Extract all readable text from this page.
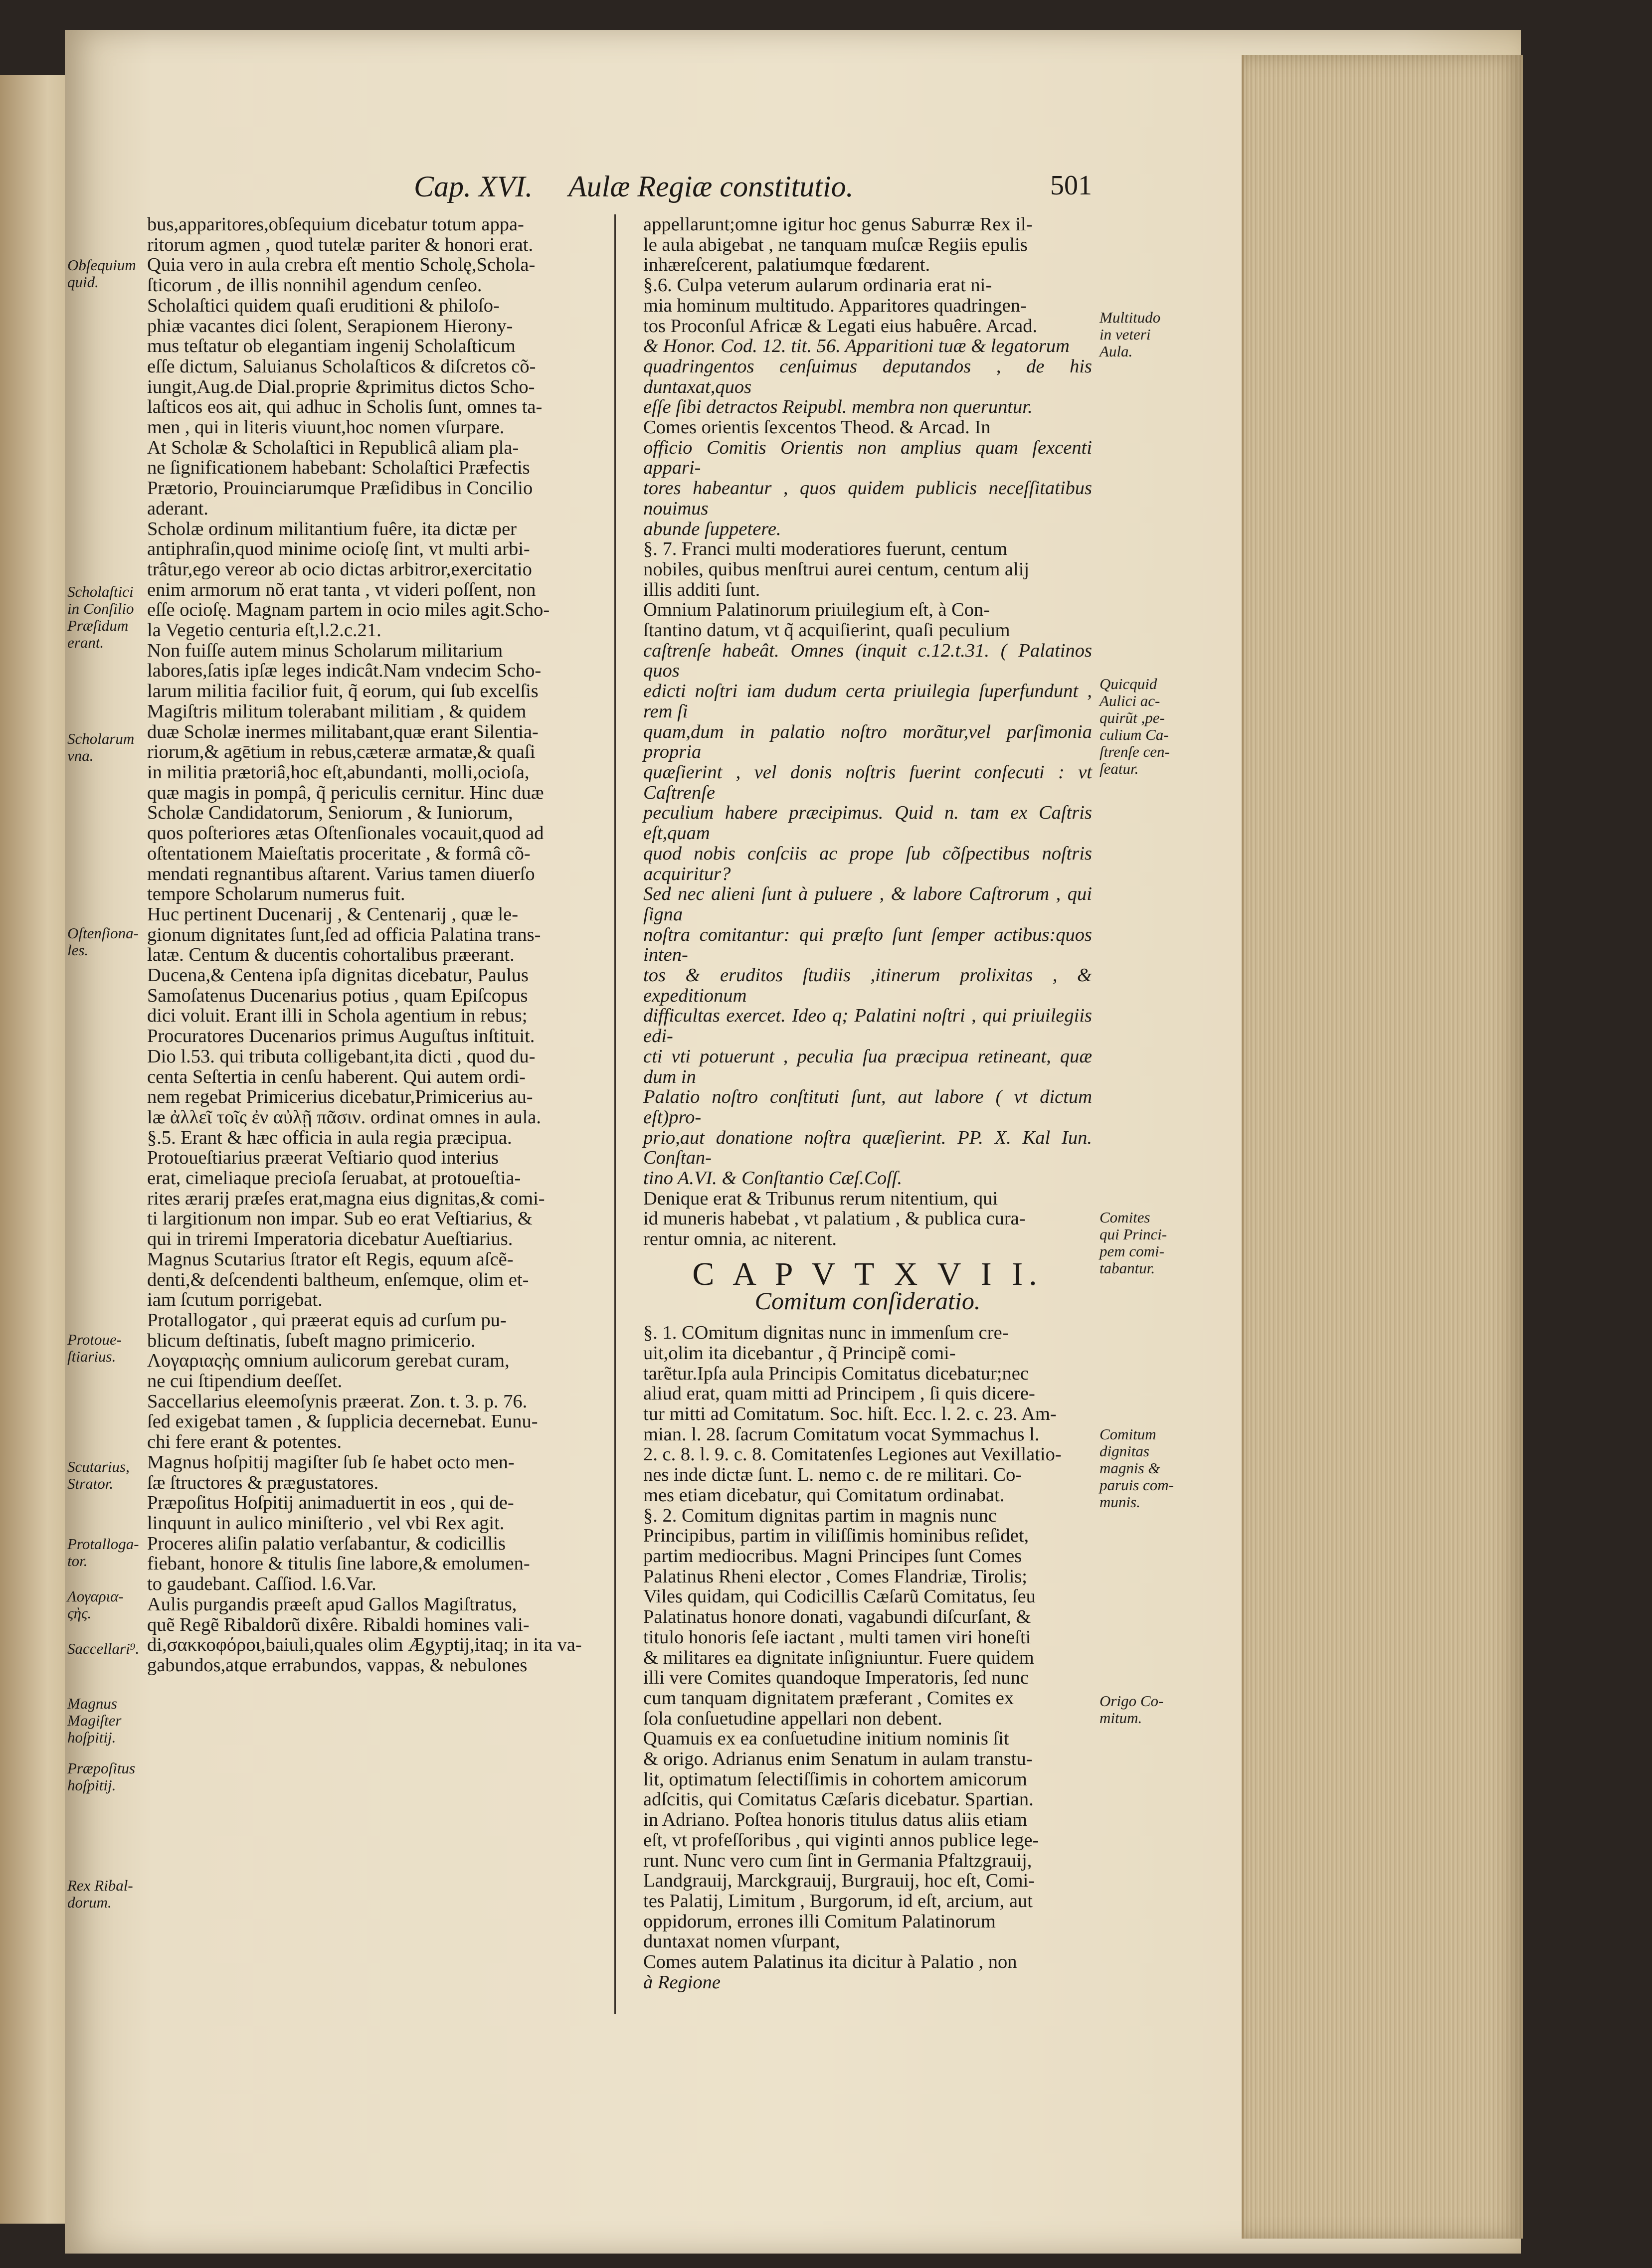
Cap. XVI. Aulæ Regiæ constitutio.	501

bus,apparitores,obſequium dicebatur totum appa-

ritorum agmen , quod tutelæ pariter & honori erat.

Quia vero in aula crebra eſt mentio Scholę,Schola-

ſticorum , de illis nonnihil agendum cenſeo.

Scholaſtici quidem quaſi eruditioni & philoſo-

phiæ vacantes dici ſolent, Serapionem Hierony-

mus teſtatur ob elegantiam ingenij Scholaſticum

eſſe dictum, Saluianus Scholaſticos & diſcretos cõ-

iungit,Aug.de Dial.proprie &primitus dictos Scho-

laſticos eos ait, qui adhuc in Scholis ſunt, omnes ta-

men , qui in literis viuunt,hoc nomen vſurpare.

At Scholæ & Scholaſtici in Republicâ aliam pla-

ne ſignificationem habebant: Scholaſtici Præfectis

Prætorio, Prouinciarumque Præſidibus in Concilio

aderant.

Scholæ ordinum militantium fuêre, ita dictæ per

antiphraſin,quod minime ocioſę ſint, vt multi arbi-

trâtur,ego vereor ab ocio dictas arbitror,exercitatio

enim armorum nõ erat tanta , vt videri poſſent, non

eſſe ocioſę. Magnam partem in ocio miles agit.Scho-

la Vegetio centuria eſt,l.2.c.21.

Non fuiſſe autem minus Scholarum militarium

labores,ſatis ipſæ leges indicât.Nam vndecim Scho-

larum militia facilior fuit, q̃ eorum, qui ſub excelſis

Magiſtris militum tolerabant militiam , & quidem

duæ Scholæ inermes militabant,quæ erant Silentia-

riorum,& agētium in rebus,cæteræ armatæ,& quaſi

in militia prætoriâ,hoc eſt,abundanti, molli,ocioſa,

quæ magis in pompâ, q̃ periculis cernitur. Hinc duæ

Scholæ Candidatorum, Seniorum , & Iuniorum,

quos poſteriores ætas Oſtenſionales vocauit,quod ad

oſtentationem Maieſtatis proceritate , & formâ cõ-

mendati regnantibus aſtarent. Varius tamen diuerſo

tempore Scholarum numerus fuit.

Huc pertinent Ducenarij , & Centenarij , quæ le-

gionum dignitates ſunt,ſed ad officia Palatina trans-

latæ. Centum & ducentis cohortalibus præerant.

Ducena,& Centena ipſa dignitas dicebatur, Paulus

Samoſatenus Ducenarius potius , quam Epiſcopus

dici voluit. Erant illi in Schola agentium in rebus;

Procuratores Ducenarios primus Auguſtus inſtituit.

Dio l.53. qui tributa colligebant,ita dicti , quod du-

centa Seſtertia in cenſu haberent. Qui autem ordi-

nem regebat Primicerius dicebatur,Primicerius au-

læ ἀλλεῖ τοῖς ἐν αὐλῇ πᾶσιν. ordinat omnes in aula.

§.5. Erant & hæc officia in aula regia præcipua.

Protoueſtiarius præerat Veſtiario quod interius

erat, cimeliaque precioſa ſeruabat, at protoueſtia-

rites ærarij præſes erat,magna eius dignitas,& comi-

ti largitionum non impar. Sub eo erat Veſtiarius, &

qui in triremi Imperatoria dicebatur Aueſtiarius.

Magnus Scutarius ſtrator eſt Regis, equum aſcẽ-

denti,& deſcendenti baltheum, enſemque, olim et-

iam ſcutum porrigebat.

Protallogator , qui præerat equis ad curſum pu-

blicum deſtinatis, ſubeſt magno primicerio.

Λογαριαςὴς omnium aulicorum gerebat curam,

ne cui ſtipendium deeſſet.

Saccellarius eleemoſynis præerat. Zon. t. 3. p. 76.

ſed exigebat tamen , & ſupplicia decernebat. Eunu-

chi fere erant & potentes.

Magnus hoſpitij magiſter ſub ſe habet octo men-

ſæ ſtructores & prægustatores.

Præpoſitus Hoſpitij animaduertit in eos , qui de-

linquunt in aulico miniſterio , vel vbi Rex agit.

Proceres aliſin palatio verſabantur, & codicillis

fiebant, honore & titulis ſine labore,& emolumen-

to gaudebant. Caſſiod. l.6.Var.

Aulis purgandis præeſt apud Gallos Magiſtratus,

quẽ Regẽ Ribaldorũ dixêre. Ribaldi homines vali-

di,σακκοφόροι,baiuli,quales olim Ægyptij,itaq; in ita va-

gabundos,atque errabundos, vappas, & nebulones

appellarunt;omne igitur hoc genus Saburræ Rex il-

le aula abigebat , ne tanquam muſcæ Regiis epulis

inhæreſcerent, palatiumque fœdarent.

§.6. Culpa veterum aularum ordinaria erat ni-

mia hominum multitudo. Apparitores quadringen-

tos Proconſul Africæ & Legati eius habuêre. Arcad.

& Honor. Cod. 12. tit. 56. Apparitioni tuæ & legatorum

quadringentos cenſuimus deputandos , de his duntaxat,quos

eſſe ſibi detractos Reipubl. membra non queruntur.

Comes orientis ſexcentos Theod. & Arcad. In

officio Comitis Orientis non amplius quam ſexcenti appari-

tores habeantur , quos quidem publicis neceſſitatibus nouimus

abunde ſuppetere.

§. 7. Franci multi moderatiores fuerunt, centum

nobiles, quibus menſtrui aurei centum, centum alij

illis additi ſunt.

Omnium Palatinorum priuilegium eſt, à Con-

ſtantino datum, vt q̃ acquiſierint, quaſi peculium

caſtrenſe habeât. Omnes (inquit c.12.t.31. ( Palatinos quos

edicti noſtri iam dudum certa priuilegia ſuperfundunt , rem ſi

quam,dum in palatio noſtro morãtur,vel parſimonia propria

quæſierint , vel donis noſtris fuerint conſecuti : vt Caſtrenſe

peculium habere præcipimus. Quid n. tam ex Caſtris eſt,quam

quod nobis conſciis ac prope ſub cõſpectibus noſtris acquiritur?

Sed nec alieni ſunt à puluere , & labore Caſtrorum , qui ſigna

noſtra comitantur: qui præſto ſunt ſemper actibus:quos inten-

tos & eruditos ſtudiis ,itinerum prolixitas , & expeditionum

difficultas exercet. Ideo q; Palatini noſtri , qui priuilegiis edi-

cti vti potuerunt , peculia ſua præcipua retineant, quæ dum in

Palatio noſtro conſtituti ſunt, aut labore ( vt dictum eſt)pro-

prio,aut donatione noſtra quæſierint. PP. X. Kal Iun. Conſtan-

tino A.VI. & Conſtantio Cæſ.Coſſ.

Denique erat & Tribunus rerum nitentium, qui

id muneris habebat , vt palatium , & publica cura-

rentur omnia, ac niterent.

C A P V T X V I I.
Comitum conſideratio.

§. 1. COmitum dignitas nunc in immenſum cre-

uit,olim ita dicebantur , q̃ Principẽ comi-

tarẽtur.Ipſa aula Principis Comitatus dicebatur;nec

aliud erat, quam mitti ad Principem , ſi quis dicere-

tur mitti ad Comitatum. Soc. hiſt. Ecc. l. 2. c. 23. Am-

mian. l. 28. ſacrum Comitatum vocat Symmachus l.

2. c. 8. l. 9. c. 8. Comitatenſes Legiones aut Vexillatio-

nes inde dictæ ſunt. L. nemo c. de re militari. Co-

mes etiam dicebatur, qui Comitatum ordinabat.

§. 2. Comitum dignitas partim in magnis nunc

Principibus, partim in viliſſimis hominibus reſidet,

partim mediocribus. Magni Principes ſunt Comes

Palatinus Rheni elector , Comes Flandriæ, Tirolis;

Viles quidam, qui Codicillis Cæſarũ Comitatus, ſeu

Palatinatus honore donati, vagabundi diſcurſant, &

titulo honoris ſeſe iactant , multi tamen viri honeſti

& militares ea dignitate inſigniuntur. Fuere quidem

illi vere Comites quandoque Imperatoris, ſed nunc

cum tanquam dignitatem præferant , Comites ex

ſola conſuetudine appellari non debent.

Quamuis ex ea conſuetudine initium nominis ſit

& origo. Adrianus enim Senatum in aulam transtu-

lit, optimatum ſelectiſſimis in cohortem amicorum

adſcitis, qui Comitatus Cæſaris dicebatur. Spartian.

in Adriano. Poſtea honoris titulus datus aliis etiam

eſt, vt profeſſoribus , qui viginti annos publice lege-

runt. Nunc vero cum ſint in Germania Pfaltzgrauij,

Landgrauij, Marckgrauij, Burgrauij, hoc eſt, Comi-

tes Palatij, Limitum , Burgorum, id eſt, arcium, aut

oppidorum, errones illi Comitum Palatinorum

duntaxat nomen vſurpant,

Comes autem Palatinus ita dicitur à Palatio , non

à Regione

Obſequium
quid.
Scholaſtici
in Conſilio
Præſidum
erant.
Scholarum
vna.
Oſtenſiona-
les.
Protoue-
ſtiarius.
Scutarius,
Strator.
Protalloga-
tor.
Λογαρια-
ςὴς.
Saccellari⁹.
Magnus
Magiſter
hoſpitij.
Præpoſitus
hoſpitij.
Rex Ribal-
dorum.
Multitudo
in veteri
Aula.
Quicquid
Aulici ac-
quirũt ,pe-
culium Ca-
ſtrenſe cen-
ſeatur.
Comites
qui Princi-
pem comi-
tabantur.
Comitum
dignitas
magnis &
paruis com-
munis.
Origo Co-
mitum.
